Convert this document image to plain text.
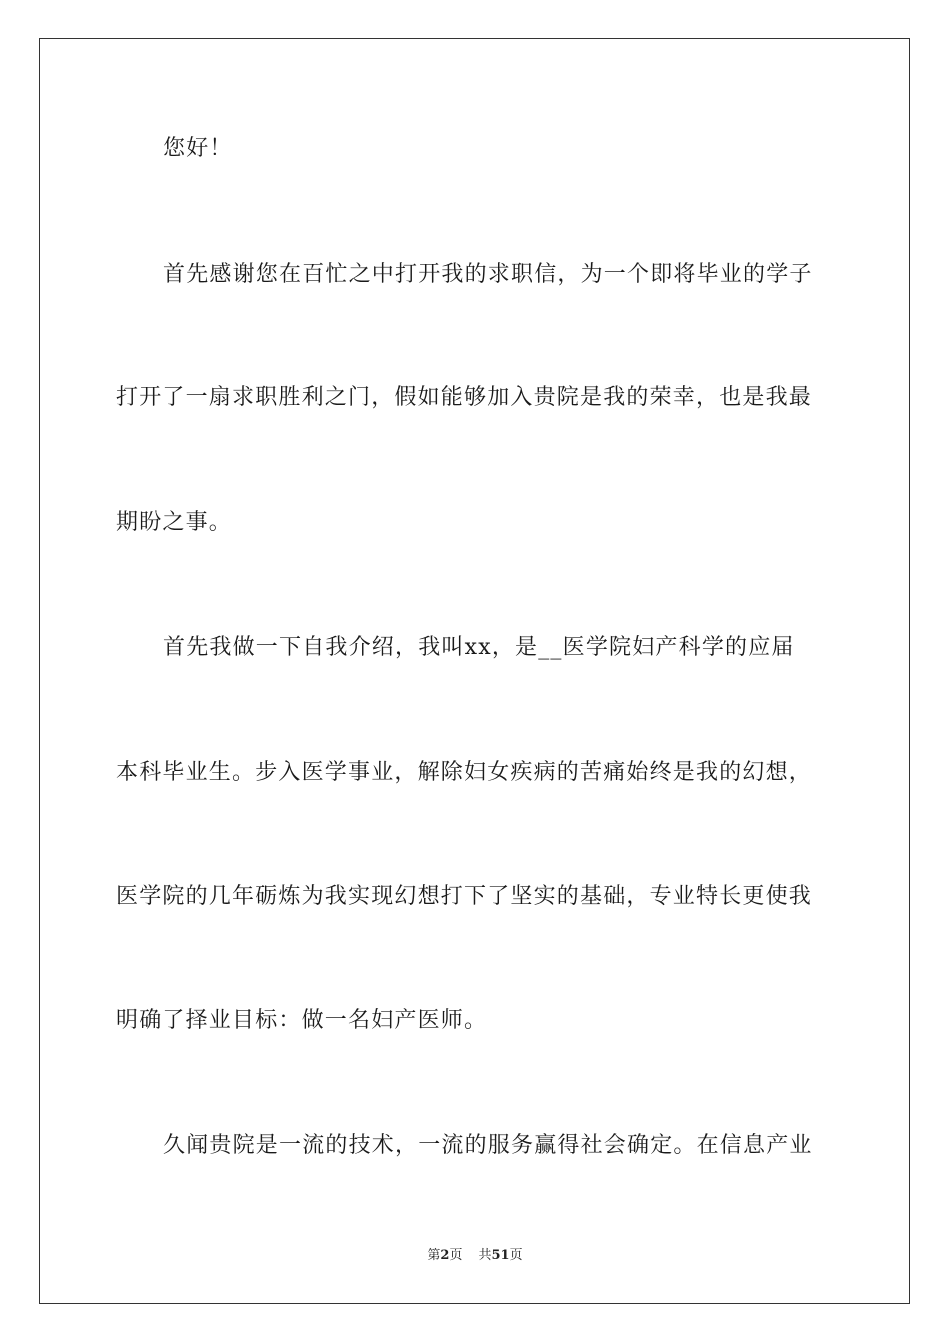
您好！
首先感谢您在百忙之中打开我的求职信，为一个即将毕业的学子
打开了一扇求职胜利之门，假如能够加入贵院是我的荣幸，也是我最
期盼之事。
首先我做一下自我介绍，我叫xx，是__医学院妇产科学的应届
本科毕业生。步入医学事业，解除妇女疾病的苦痛始终是我的幻想，
医学院的几年砺炼为我实现幻想打下了坚实的基础，专业特长更使我
明确了择业目标：做一名妇产医师。
久闻贵院是一流的技术，一流的服务赢得社会确定。在信息产业
第2页 共51页
